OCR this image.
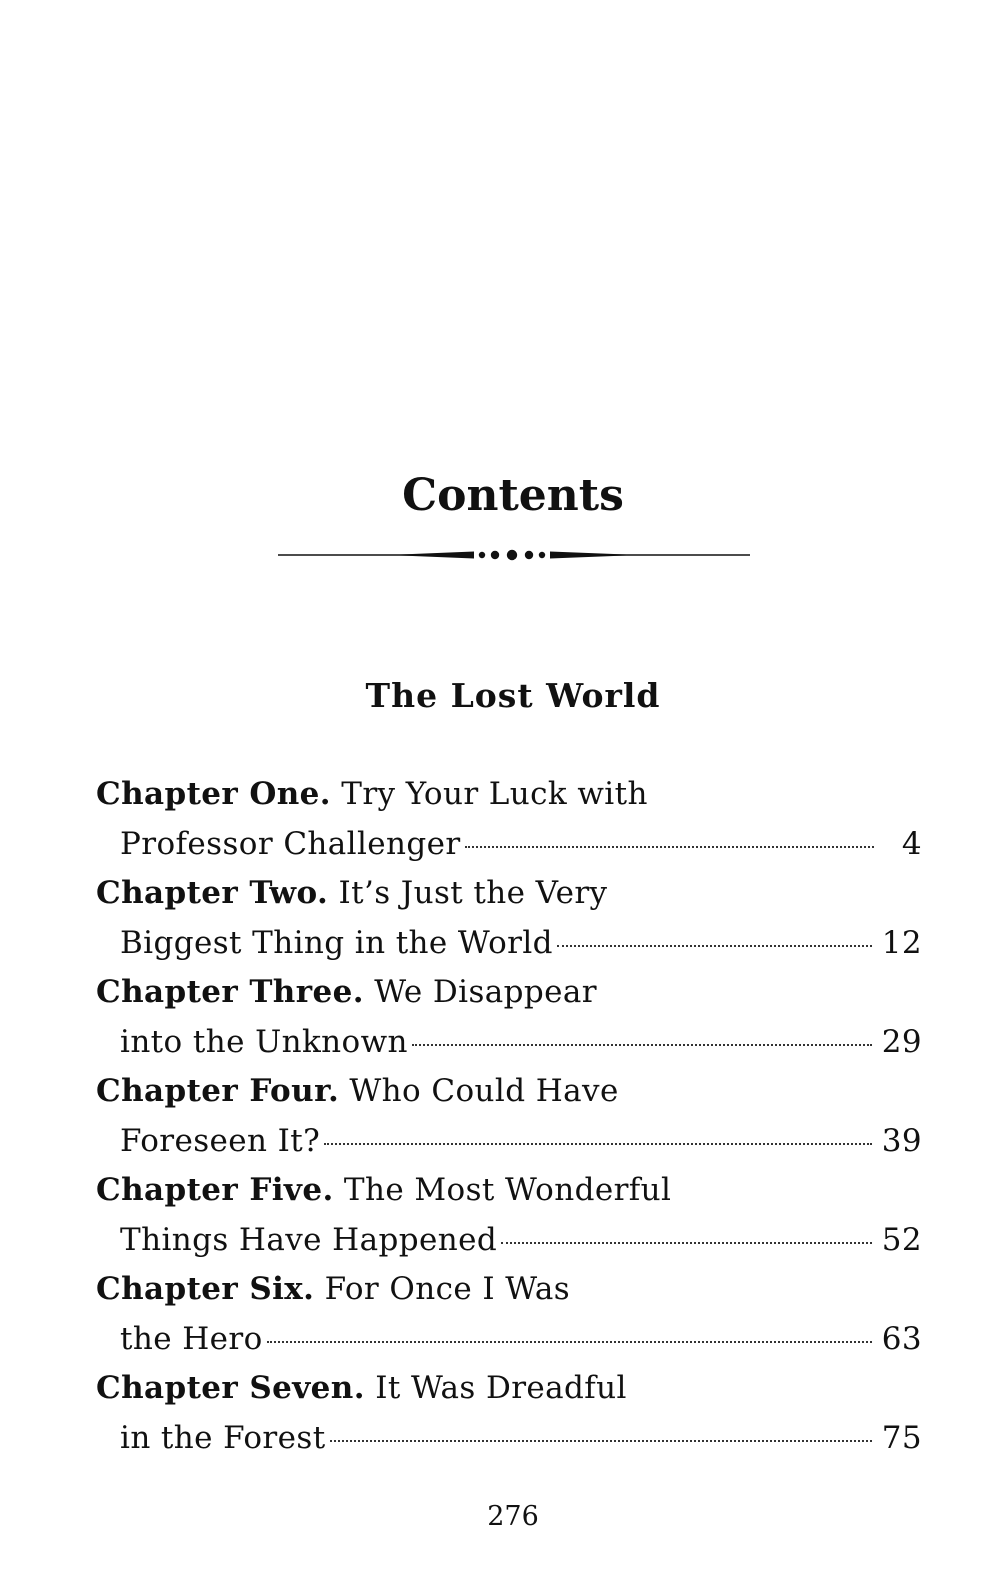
Contents
The Lost World
Chapter One. Try Your Luck with
Professor Challenger	4
Chapter Two. It’s Just the Very
Biggest Thing in the World	12
Chapter Three. We Disappear
into the Unknown	29
Chapter Four. Who Could Have
Foreseen It?	39
Chapter Five. The Most Wonderful
Things Have Happened	52
Chapter Six. For Once I Was
the Hero	63
Chapter Seven. It Was Dreadful
in the Forest	75
276
